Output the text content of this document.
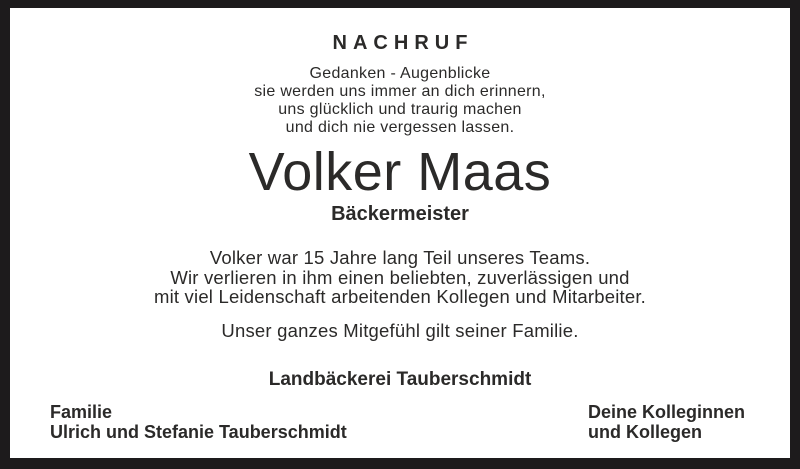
NACHRUF
Gedanken - Augenblicke
sie werden uns immer an dich erinnern,
uns glücklich und traurig machen
und dich nie vergessen lassen.
Volker Maas
Bäckermeister
Volker war 15 Jahre lang Teil unseres Teams.
Wir verlieren in ihm einen beliebten, zuverlässigen und
mit viel Leidenschaft arbeitenden Kollegen und Mitarbeiter.
Unser ganzes Mitgefühl gilt seiner Familie.
Landbäckerei Tauberschmidt
Familie
Ulrich und Stefanie Tauberschmidt
Deine Kolleginnen
und Kollegen
